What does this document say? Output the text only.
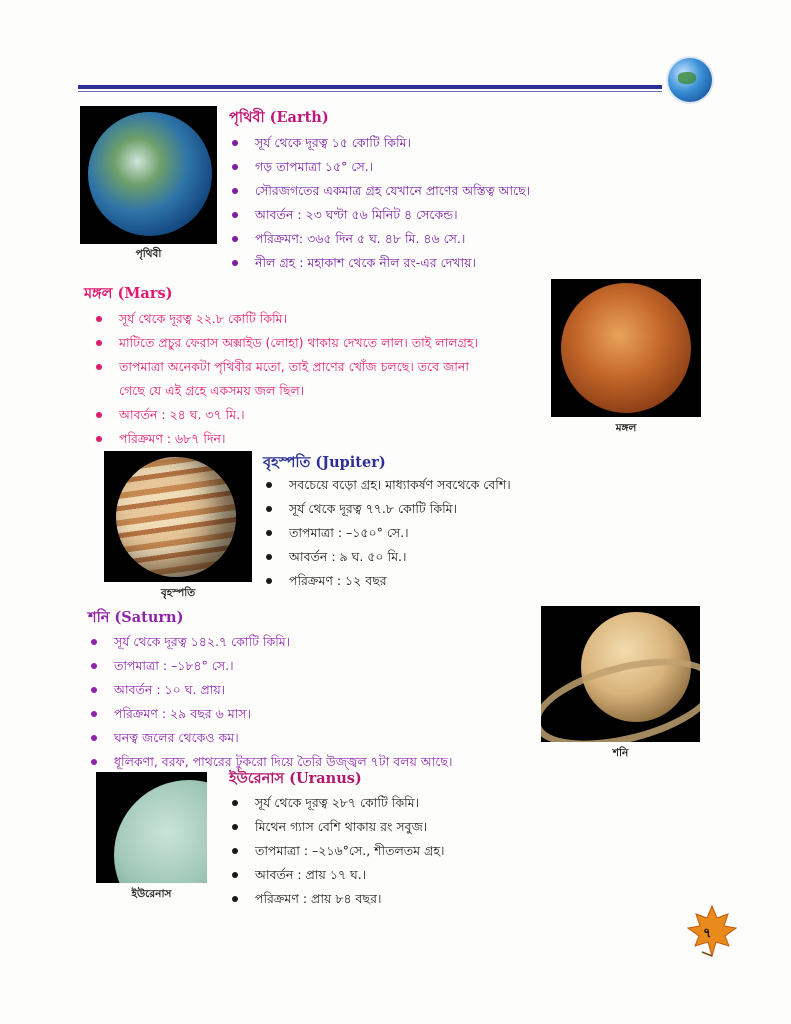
পৃথিবী
পৃথিবী (Earth)
সূর্য থেকে দূরত্ব ১৫ কোটি কিমি।
গড় তাপমাত্রা ১৫° সে.।
সৌরজগতের একমাত্র গ্রহ যেখানে প্রাণের অস্তিত্ব আছে।
আবর্তন : ২৩ ঘণ্টা ৫৬ মিনিট ৪ সেকেন্ড।
পরিক্রমণ: ৩৬৫ দিন ৫ ঘ. ৪৮ মি. ৪৬ সে.।
নীল গ্রহ : মহাকাশ থেকে নীল রং-এর দেখায়।
মঙ্গল (Mars)
সূর্য থেকে দূরত্ব ২২.৮ কোটি কিমি।
মাটিতে প্রচুর ফেরাস অক্সাইড (লোহা) থাকায় দেখতে লাল। তাই লালগ্রহ।
তাপমাত্রা অনেকটা পৃথিবীর মতো, তাই প্রাণের খোঁজ চলছে। তবে জানা
গেছে যে এই গ্রহে একসময় জল ছিল।
আবর্তন : ২৪ ঘ. ৩৭ মি.।
পরিক্রমণ : ৬৮৭ দিন।
মঙ্গল
বৃহস্পতি
বৃহস্পতি (Jupiter)
সবচেয়ে বড়ো গ্রহ। মাধ্যাকর্ষণ সবথেকে বেশি।
সূর্য থেকে দূরত্ব ৭৭.৮ কোটি কিমি।
তাপমাত্রা : –১৫০° সে.।
আবর্তন : ৯ ঘ. ৫০ মি.।
পরিক্রমণ : ১২ বছর
শনি (Saturn)
সূর্য থেকে দূরত্ব ১৪২.৭ কোটি কিমি।
তাপমাত্রা : –১৮৪° সে.।
আবর্তন : ১০ ঘ. প্রায়।
পরিক্রমণ : ২৯ বছর ৬ মাস।
ঘনত্ব জলের থেকেও কম।
ধূলিকণা, বরফ, পাথরের টুকরো দিয়ে তৈরি উজ্জ্বল ৭টা বলয় আছে।
শনি
ইউরেনাস
ইউরেনাস (Uranus)
সূর্য থেকে দূরত্ব ২৮৭ কোটি কিমি।
মিথেন গ্যাস বেশি থাকায় রং সবুজ।
তাপমাত্রা : –২১৬°সে., শীতলতম গ্রহ।
আবর্তন : প্রায় ১৭ ঘ.।
পরিক্রমণ : প্রায় ৮৪ বছর।
৭
